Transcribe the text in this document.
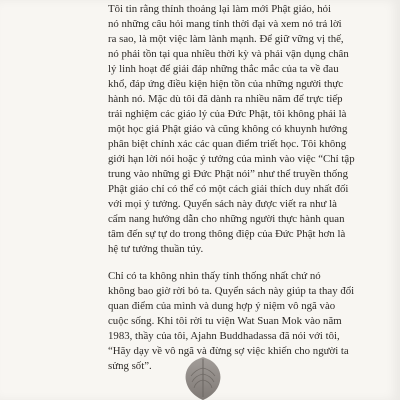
Tôi tin rằng thỉnh thoảng lại làm mới Phật giáo, hỏi
nó những câu hỏi mang tính thời đại và xem nó trả lời
ra sao, là một việc làm lành mạnh. Để giữ vững vị thế,
nó phải tồn tại qua nhiều thời kỳ và phải vận dụng chân
lý linh hoạt để giải đáp những thắc mắc của ta về đau
khổ, đáp ứng điều kiện hiện tồn của những người thực
hành nó. Mặc dù tôi đã dành ra nhiều năm để trực tiếp
trải nghiệm các giáo lý của Đức Phật, tôi không phải là
một học giả Phật giáo và cũng không có khuynh hướng
phân biệt chính xác các quan điểm triết học. Tôi không
giới hạn lời nói hoặc ý tưởng của mình vào việc “Chỉ tập
trung vào những gì Đức Phật nói” như thể truyền thống
Phật giáo chỉ có thể có một cách giải thích duy nhất đối
với mọi ý tưởng. Quyển sách này được viết ra như là
cẩm nang hướng dẫn cho những người thực hành quan
tâm đến sự tự do trong thông điệp của Đức Phật hơn là
hệ tư tưởng thuần túy.

Chỉ có ta không nhìn thấy tính thống nhất chứ nó
không bao giờ rời bỏ ta. Quyển sách này giúp ta thay đổi
quan điểm của mình và dung hợp ý niệm vô ngã vào
cuộc sống. Khi tôi rời tu viện Wat Suan Mok vào năm
1983, thầy của tôi, Ajahn Buddhadassa đã nói với tôi,
“Hãy dạy về vô ngã và đừng sợ việc khiến cho người ta
sửng sốt”.
